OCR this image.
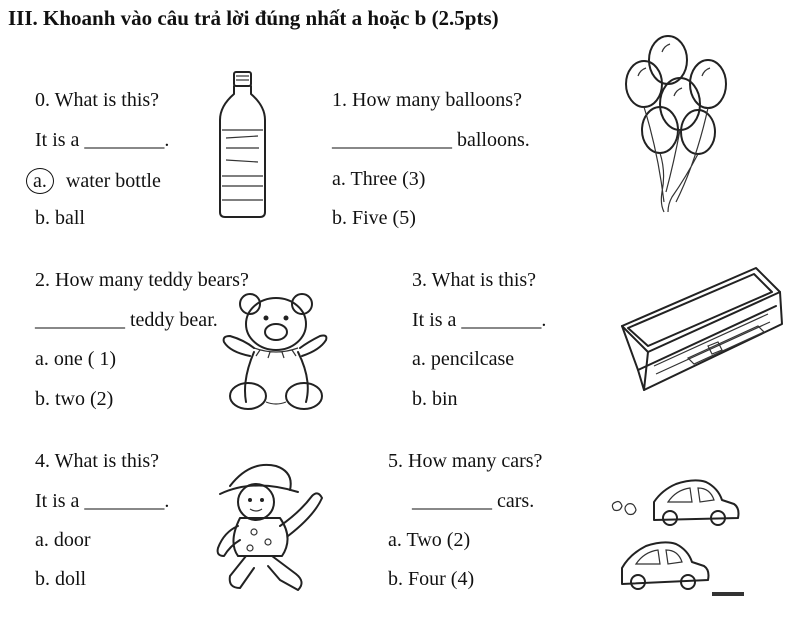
III. Khoanh vào câu trả lời đúng nhất a hoặc b (2.5pts)
0. What is this?
It is a ________.
a. water bottle
b. ball
1. How many balloons?
____________ balloons.
a. Three (3)
b. Five (5)
2. How many teddy bears?
_________ teddy bear.
a. one ( 1)
b. two (2)
3. What is this?
It is a ________.
a. pencilcase
b. bin
4. What is this?
It is a ________.
a. door
b. doll
5. How many cars?
________ cars.
a. Two (2)
b. Four (4)
